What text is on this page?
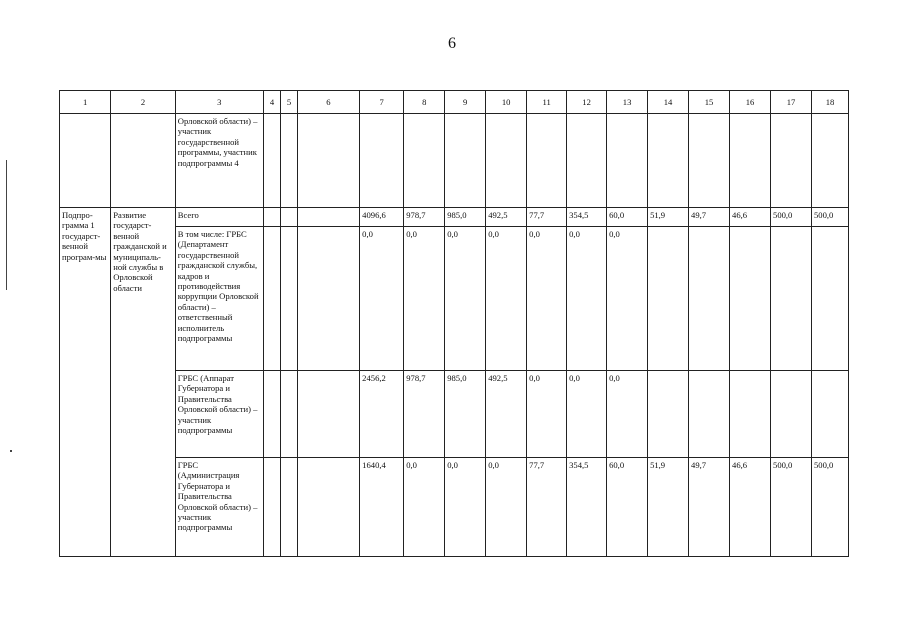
6
1	2	3	4	5	6	7	8	9	10	11	12	13	14	15	16	17	18
		Орловской области) – участник государственной программы, участник подпрограммы 4															
Подпро-грамма 1 государст-венной програм-мы	Развитие государст-венной гражданской и муниципаль-ной службы в Орловской области	Всего				4096,6	978,7	985,0	492,5	77,7	354,5	60,0	51,9	49,7	46,6	500,0	500,0
		В том числе: ГРБС (Департамент государственной гражданской службы, кадров и противодействия коррупции Орловской области) – ответственный исполнитель подпрограммы				0,0	0,0	0,0	0,0	0,0	0,0	0,0					
		ГРБС (Аппарат Губернатора и Правительства Орловской области) – участник подпрограммы				2456,2	978,7	985,0	492,5	0,0	0,0	0,0					
		ГРБС (Администрация Губернатора и Правительства Орловской области) – участник подпрограммы				1640,4	0,0	0,0	0,0	77,7	354,5	60,0	51,9	49,7	46,6	500,0	500,0
